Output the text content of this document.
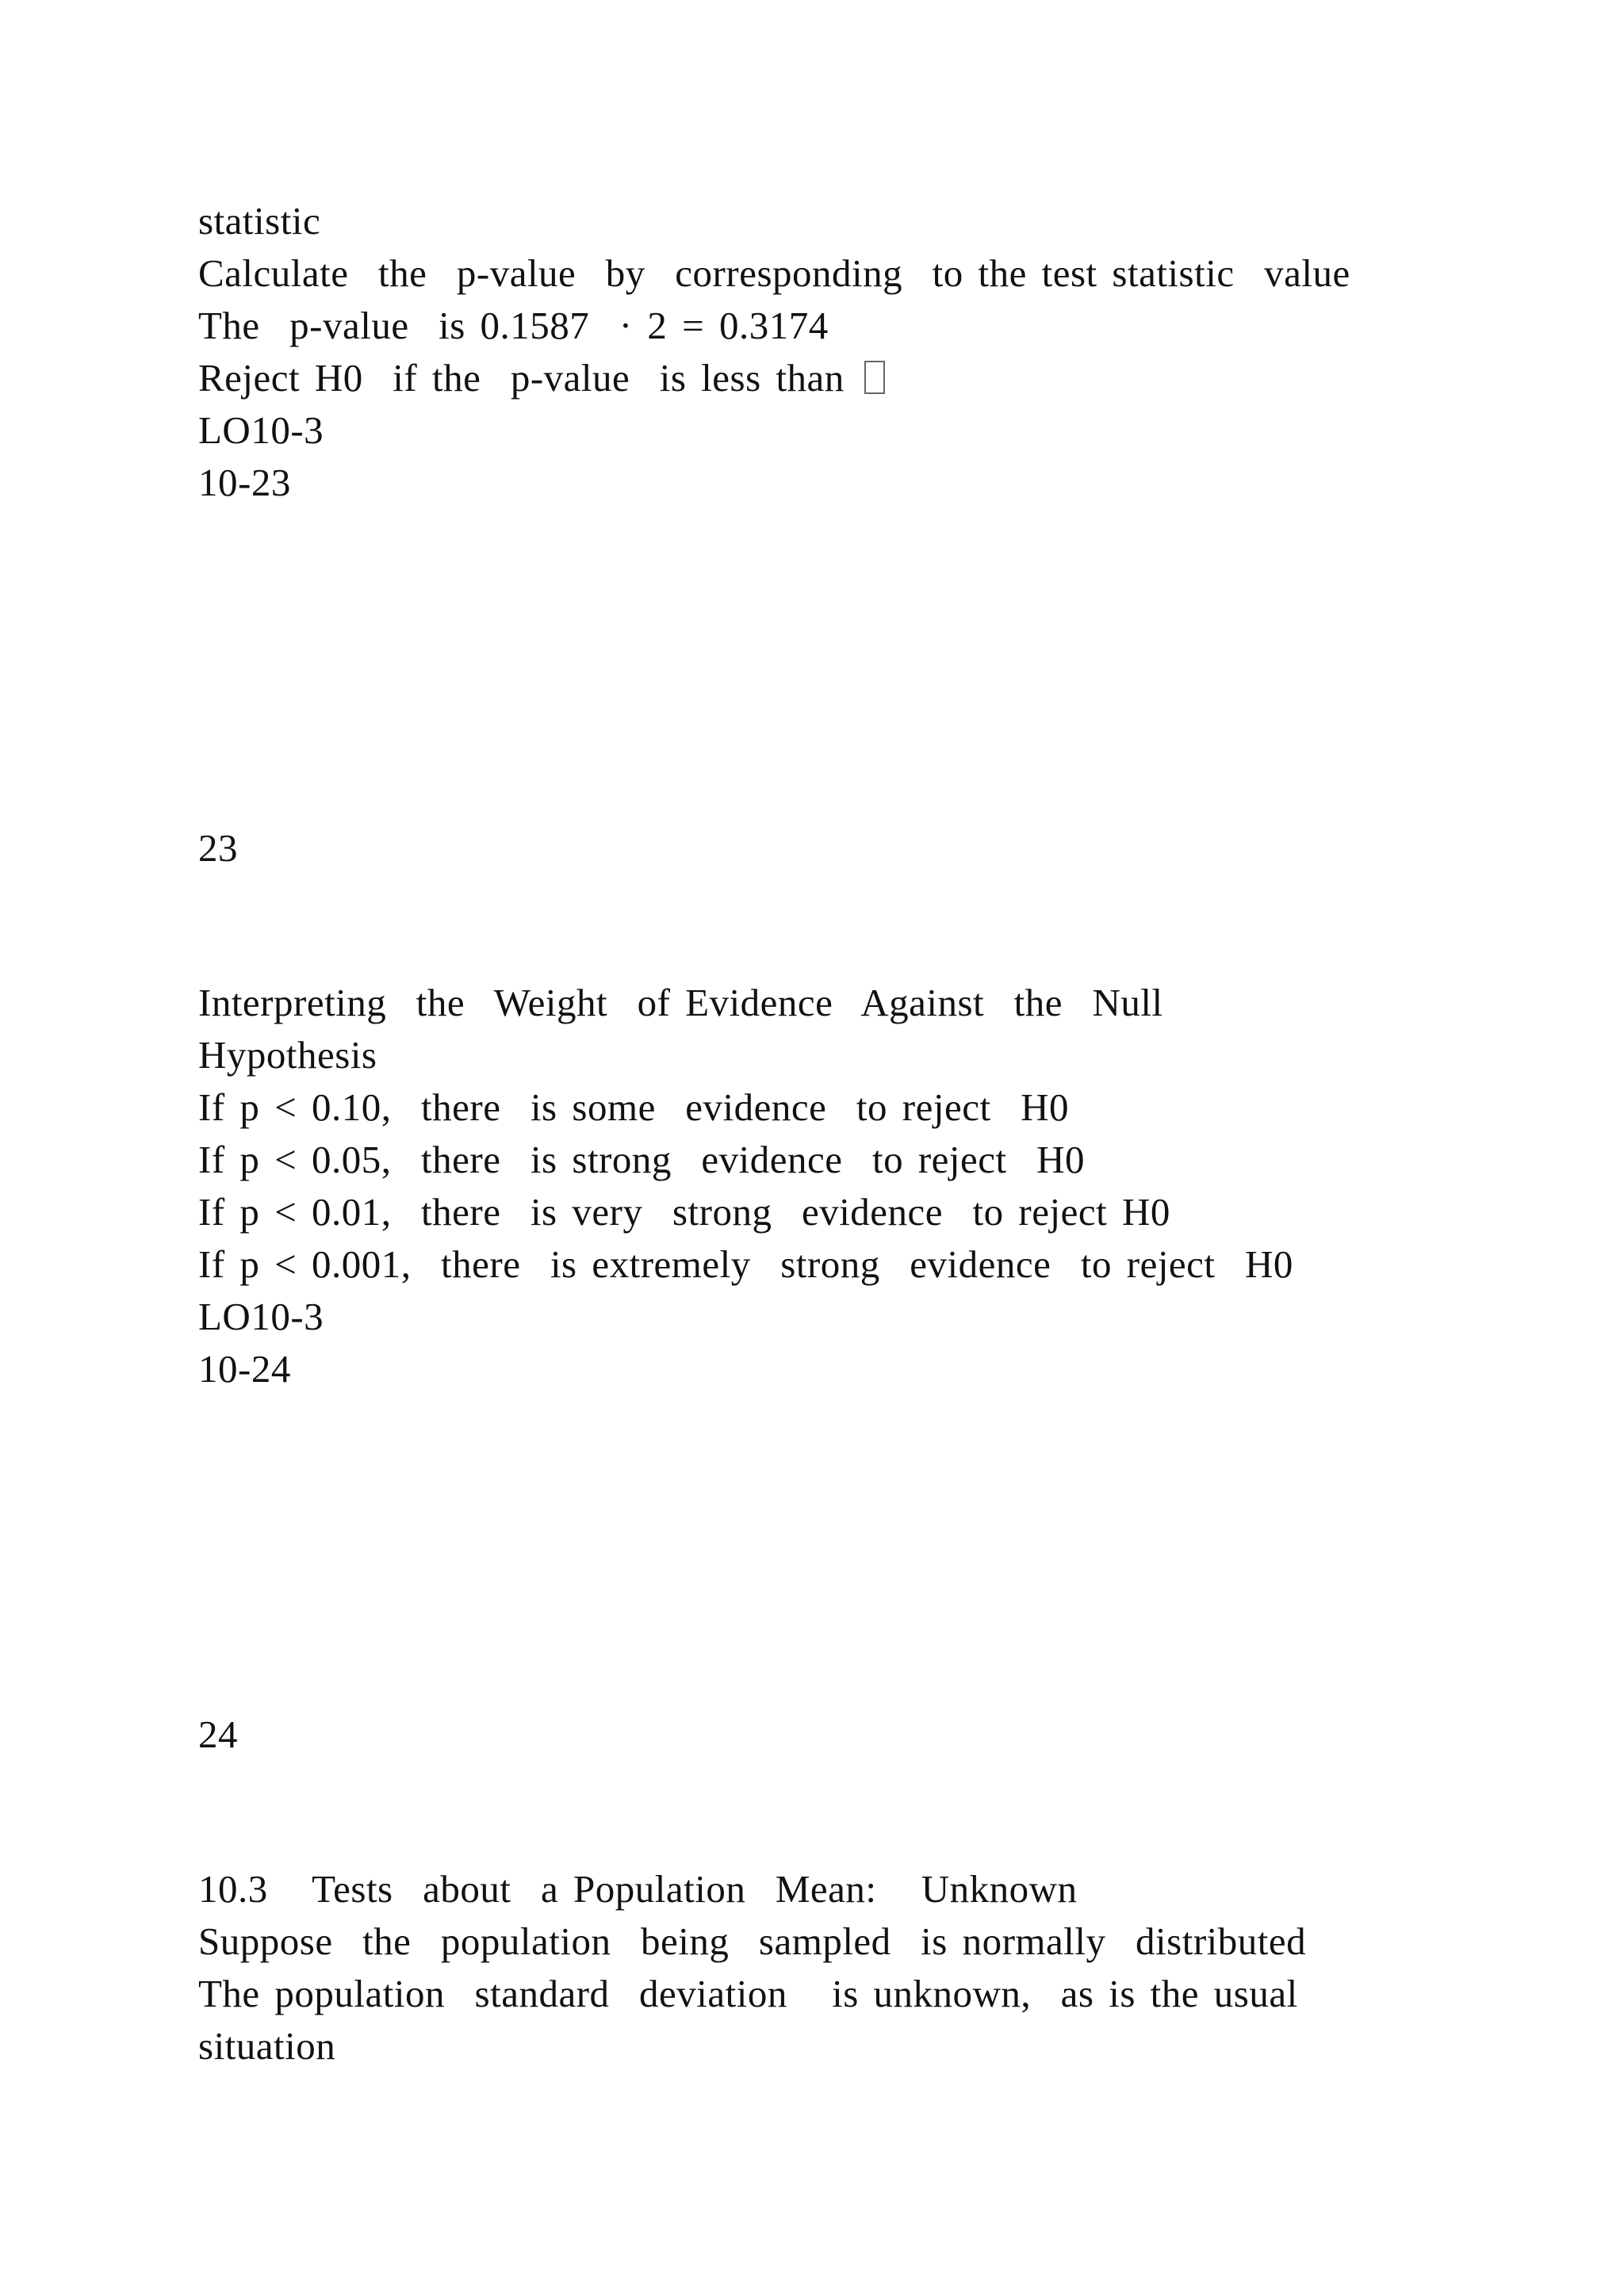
statistic
Calculate  the  p-value  by  corresponding  to the test statistic  value
The  p-value  is 0.1587  · 2 = 0.3174
Reject H0  if the  p-value  is less than
LO10-3
10-23
23
Interpreting  the  Weight  of Evidence  Against  the  Null
Hypothesis
If p < 0.10,  there  is some  evidence  to reject  H0
If p < 0.05,  there  is strong  evidence  to reject  H0
If p < 0.01,  there  is very  strong  evidence  to reject H0
If p < 0.001,  there  is extremely  strong  evidence  to reject  H0
LO10-3
10-24
24
10.3   Tests  about  a Population  Mean:   Unknown
Suppose  the  population  being  sampled  is normally  distributed
The population  standard  deviation   is unknown,  as is the usual
situation
